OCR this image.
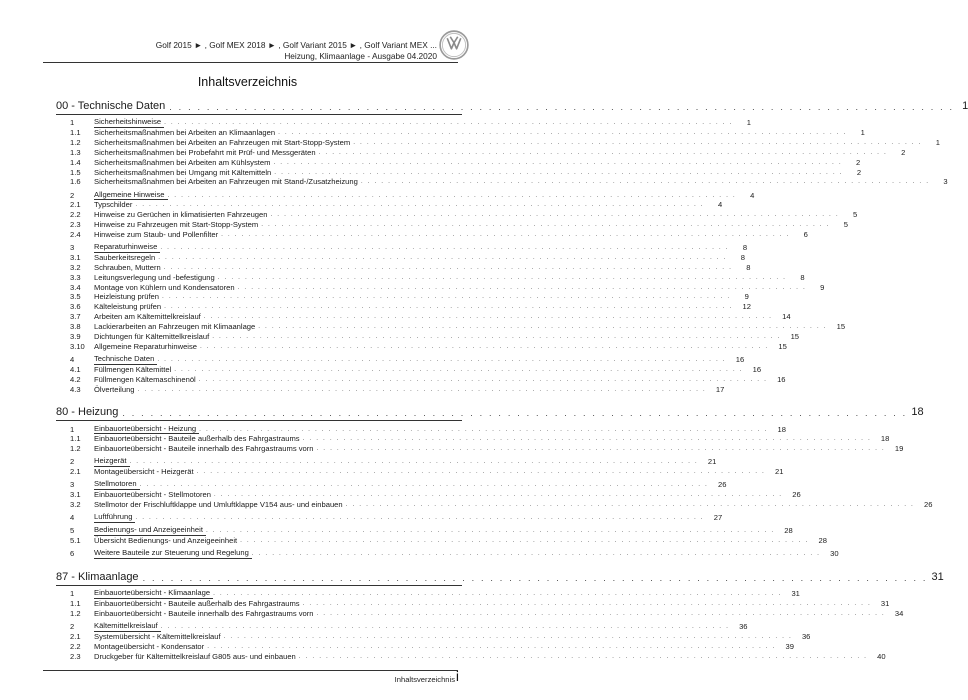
Golf 2015 ► , Golf MEX 2018 ► , Golf Variant 2015 ► , Golf Variant MEX ...
Heizung, Klimaanlage - Ausgabe 04.2020
Inhaltsverzeichnis
00 - Technische Daten . . . . . . . . . . . . . . . . . . . . . . . . . . . . . . . . . . . . . . . . . . . . . . . . . . . . . . . . . . . . . . . . . . . . . . . . . . . . . . . . . . . . 1
1	Sicherheitshinweise . . . . . . . . . . . . . . . . . . . . . . . . . . . . . . . . . . . . . . . . . . . . . . . . . . . . . . . . . . . . . . . . . . . . . . . . . . . . . . . . . . . .	1
1.1	Sicherheitsmaßnahmen bei Arbeiten an Klimaanlagen . . . . . . . . . . . . . . . . . . . . . . . . . . . . . . . . . . . . . . . . . . . . . . . . . . . . . . . . . . . . . . . . . . . . . . . . . . . . . . . . . . . .	1
1.2	Sicherheitsmaßnahmen bei Arbeiten an Fahrzeugen mit Start-Stopp-System . . . . . . . . . . . . . . . . . . . . . . . . . . . . . . . . . . . . . . . . . . . . . . . . . . . . . . . . . . . . . . . . . . . . . . . . . . . . . . . . . . . .	1
1.3	Sicherheitsmaßnahmen bei Probefahrt mit Prüf- und Messgeräten . . . . . . . . . . . . . . . . . . . . . . . . . . . . . . . . . . . . . . . . . . . . . . . . . . . . . . . . . . . . . . . . . . . . . . . . . . . . . . . . . . . .	2
1.4	Sicherheitsmaßnahmen bei Arbeiten am Kühlsystem . . . . . . . . . . . . . . . . . . . . . . . . . . . . . . . . . . . . . . . . . . . . . . . . . . . . . . . . . . . . . . . . . . . . . . . . . . . . . . . . . . . .	2
1.5	Sicherheitsmaßnahmen bei Umgang mit Kältemitteln . . . . . . . . . . . . . . . . . . . . . . . . . . . . . . . . . . . . . . . . . . . . . . . . . . . . . . . . . . . . . . . . . . . . . . . . . . . . . . . . . . . .	2
1.6	Sicherheitsmaßnahmen bei Arbeiten an Fahrzeugen mit Stand-/Zusatzheizung . . . . . . . . . . . . . . . . . . . . . . . . . . . . . . . . . . . . . . . . . . . . . . . . . . . . . . . . . . . . . . . . . . . . . . . . . . . . . . . . . . . .	3
2	Allgemeine Hinweise . . . . . . . . . . . . . . . . . . . . . . . . . . . . . . . . . . . . . . . . . . . . . . . . . . . . . . . . . . . . . . . . . . . . . . . . . . . . . . . . . . . .	4
2.1	Typschilder . . . . . . . . . . . . . . . . . . . . . . . . . . . . . . . . . . . . . . . . . . . . . . . . . . . . . . . . . . . . . . . . . . . . . . . . . . . . . . . . . . . .	4
2.2	Hinweise zu Gerüchen in klimatisierten Fahrzeugen . . . . . . . . . . . . . . . . . . . . . . . . . . . . . . . . . . . . . . . . . . . . . . . . . . . . . . . . . . . . . . . . . . . . . . . . . . . . . . . . . . . .	5
2.3	Hinweise zu Fahrzeugen mit Start-Stopp-System . . . . . . . . . . . . . . . . . . . . . . . . . . . . . . . . . . . . . . . . . . . . . . . . . . . . . . . . . . . . . . . . . . . . . . . . . . . . . . . . . . . .	5
2.4	Hinweise zum Staub- und Pollenfilter . . . . . . . . . . . . . . . . . . . . . . . . . . . . . . . . . . . . . . . . . . . . . . . . . . . . . . . . . . . . . . . . . . . . . . . . . . . . . . . . . . . .	6
3	Reparaturhinweise . . . . . . . . . . . . . . . . . . . . . . . . . . . . . . . . . . . . . . . . . . . . . . . . . . . . . . . . . . . . . . . . . . . . . . . . . . . . . . . . . . . .	8
3.1	Sauberkeitsregeln . . . . . . . . . . . . . . . . . . . . . . . . . . . . . . . . . . . . . . . . . . . . . . . . . . . . . . . . . . . . . . . . . . . . . . . . . . . . . . . . . . . .	8
3.2	Schrauben, Muttern . . . . . . . . . . . . . . . . . . . . . . . . . . . . . . . . . . . . . . . . . . . . . . . . . . . . . . . . . . . . . . . . . . . . . . . . . . . . . . . . . . . .	8
3.3	Leitungsverlegung und -befestigung . . . . . . . . . . . . . . . . . . . . . . . . . . . . . . . . . . . . . . . . . . . . . . . . . . . . . . . . . . . . . . . . . . . . . . . . . . . . . . . . . . . .	8
3.4	Montage von Kühlern und Kondensatoren . . . . . . . . . . . . . . . . . . . . . . . . . . . . . . . . . . . . . . . . . . . . . . . . . . . . . . . . . . . . . . . . . . . . . . . . . . . . . . . . . . . .	9
3.5	Heizleistung prüfen . . . . . . . . . . . . . . . . . . . . . . . . . . . . . . . . . . . . . . . . . . . . . . . . . . . . . . . . . . . . . . . . . . . . . . . . . . . . . . . . . . . .	9
3.6	Kälteleistung prüfen . . . . . . . . . . . . . . . . . . . . . . . . . . . . . . . . . . . . . . . . . . . . . . . . . . . . . . . . . . . . . . . . . . . . . . . . . . . . . . . . . . . .	12
3.7	Arbeiten am Kältemittelkreislauf . . . . . . . . . . . . . . . . . . . . . . . . . . . . . . . . . . . . . . . . . . . . . . . . . . . . . . . . . . . . . . . . . . . . . . . . . . . . . . . . . . . .	14
3.8	Lackierarbeiten an Fahrzeugen mit Klimaanlage . . . . . . . . . . . . . . . . . . . . . . . . . . . . . . . . . . . . . . . . . . . . . . . . . . . . . . . . . . . . . . . . . . . . . . . . . . . . . . . . . . . .	15
3.9	Dichtungen für Kältemittelkreislauf . . . . . . . . . . . . . . . . . . . . . . . . . . . . . . . . . . . . . . . . . . . . . . . . . . . . . . . . . . . . . . . . . . . . . . . . . . . . . . . . . . . .	15
3.10	Allgemeine Reparaturhinweise . . . . . . . . . . . . . . . . . . . . . . . . . . . . . . . . . . . . . . . . . . . . . . . . . . . . . . . . . . . . . . . . . . . . . . . . . . . . . . . . . . . .	15
4	Technische Daten . . . . . . . . . . . . . . . . . . . . . . . . . . . . . . . . . . . . . . . . . . . . . . . . . . . . . . . . . . . . . . . . . . . . . . . . . . . . . . . . . . . .	16
4.1	Füllmengen Kältemittel . . . . . . . . . . . . . . . . . . . . . . . . . . . . . . . . . . . . . . . . . . . . . . . . . . . . . . . . . . . . . . . . . . . . . . . . . . . . . . . . . . . .	16
4.2	Füllmengen Kältemaschinenöl . . . . . . . . . . . . . . . . . . . . . . . . . . . . . . . . . . . . . . . . . . . . . . . . . . . . . . . . . . . . . . . . . . . . . . . . . . . . . . . . . . . .	16
4.3	Ölverteilung . . . . . . . . . . . . . . . . . . . . . . . . . . . . . . . . . . . . . . . . . . . . . . . . . . . . . . . . . . . . . . . . . . . . . . . . . . . . . . . . . . . .	17
80 - Heizung . . . . . . . . . . . . . . . . . . . . . . . . . . . . . . . . . . . . . . . . . . . . . . . . . . . . . . . . . . . . . . . . . . . . . . . . . . . . . . . . . . . . 18
1	Einbauorteübersicht - Heizung . . . . . . . . . . . . . . . . . . . . . . . . . . . . . . . . . . . . . . . . . . . . . . . . . . . . . . . . . . . . . . . . . . . . . . . . . . . . . . . . . . . .	18
1.1	Einbauorteübersicht - Bauteile außerhalb des Fahrgastraums . . . . . . . . . . . . . . . . . . . . . . . . . . . . . . . . . . . . . . . . . . . . . . . . . . . . . . . . . . . . . . . . . . . . . . . . . . . . . . . . . . . .	18
1.2	Einbauorteübersicht - Bauteile innerhalb des Fahrgastraums vorn . . . . . . . . . . . . . . . . . . . . . . . . . . . . . . . . . . . . . . . . . . . . . . . . . . . . . . . . . . . . . . . . . . . . . . . . . . . . . . . . . . . .	19
2	Heizgerät . . . . . . . . . . . . . . . . . . . . . . . . . . . . . . . . . . . . . . . . . . . . . . . . . . . . . . . . . . . . . . . . . . . . . . . . . . . . . . . . . . . .	21
2.1	Montageübersicht - Heizgerät . . . . . . . . . . . . . . . . . . . . . . . . . . . . . . . . . . . . . . . . . . . . . . . . . . . . . . . . . . . . . . . . . . . . . . . . . . . . . . . . . . . .	21
3	Stellmotoren . . . . . . . . . . . . . . . . . . . . . . . . . . . . . . . . . . . . . . . . . . . . . . . . . . . . . . . . . . . . . . . . . . . . . . . . . . . . . . . . . . . .	26
3.1	Einbauorteübersicht - Stellmotoren . . . . . . . . . . . . . . . . . . . . . . . . . . . . . . . . . . . . . . . . . . . . . . . . . . . . . . . . . . . . . . . . . . . . . . . . . . . . . . . . . . . .	26
3.2	Stellmotor der Frischluftklappe und Umluftklappe V154 aus- und einbauen . . . . . . . . . . . . . . . . . . . . . . . . . . . . . . . . . . . . . . . . . . . . . . . . . . . . . . . . . . . . . . . . . . . . . . . . . . . . . . . . . . . .	26
4	Luftführung . . . . . . . . . . . . . . . . . . . . . . . . . . . . . . . . . . . . . . . . . . . . . . . . . . . . . . . . . . . . . . . . . . . . . . . . . . . . . . . . . . . .	27
5	Bedienungs- und Anzeigeeinheit . . . . . . . . . . . . . . . . . . . . . . . . . . . . . . . . . . . . . . . . . . . . . . . . . . . . . . . . . . . . . . . . . . . . . . . . . . . . . . . . . . . .	28
5.1	Übersicht Bedienungs- und Anzeigeeinheit . . . . . . . . . . . . . . . . . . . . . . . . . . . . . . . . . . . . . . . . . . . . . . . . . . . . . . . . . . . . . . . . . . . . . . . . . . . . . . . . . . . .	28
6	Weitere Bauteile zur Steuerung und Regelung . . . . . . . . . . . . . . . . . . . . . . . . . . . . . . . . . . . . . . . . . . . . . . . . . . . . . . . . . . . . . . . . . . . . . . . . . . . . . . . . . . . .	30
87 - Klimaanlage . . . . . . . . . . . . . . . . . . . . . . . . . . . . . . . . . . . . . . . . . . . . . . . . . . . . . . . . . . . . . . . . . . . . . . . . . . . . . . . . . . . . 31
1	Einbauorteübersicht - Klimaanlage . . . . . . . . . . . . . . . . . . . . . . . . . . . . . . . . . . . . . . . . . . . . . . . . . . . . . . . . . . . . . . . . . . . . . . . . . . . . . . . . . . . .	31
1.1	Einbauorteübersicht - Bauteile außerhalb des Fahrgastraums . . . . . . . . . . . . . . . . . . . . . . . . . . . . . . . . . . . . . . . . . . . . . . . . . . . . . . . . . . . . . . . . . . . . . . . . . . . . . . . . . . . .	31
1.2	Einbauorteübersicht - Bauteile innerhalb des Fahrgastraums vorn . . . . . . . . . . . . . . . . . . . . . . . . . . . . . . . . . . . . . . . . . . . . . . . . . . . . . . . . . . . . . . . . . . . . . . . . . . . . . . . . . . . .	34
2	Kältemittelkreislauf . . . . . . . . . . . . . . . . . . . . . . . . . . . . . . . . . . . . . . . . . . . . . . . . . . . . . . . . . . . . . . . . . . . . . . . . . . . . . . . . . . . .	36
2.1	Systemübersicht - Kältemittelkreislauf . . . . . . . . . . . . . . . . . . . . . . . . . . . . . . . . . . . . . . . . . . . . . . . . . . . . . . . . . . . . . . . . . . . . . . . . . . . . . . . . . . . .	36
2.2	Montageübersicht - Kondensator . . . . . . . . . . . . . . . . . . . . . . . . . . . . . . . . . . . . . . . . . . . . . . . . . . . . . . . . . . . . . . . . . . . . . . . . . . . . . . . . . . . .	39
2.3	Druckgeber für Kältemittelkreislauf G805 aus- und einbauen . . . . . . . . . . . . . . . . . . . . . . . . . . . . . . . . . . . . . . . . . . . . . . . . . . . . . . . . . . . . . . . . . . . . . . . . . . . . . . . . . . . .	40
Inhaltsverzeichnis i
